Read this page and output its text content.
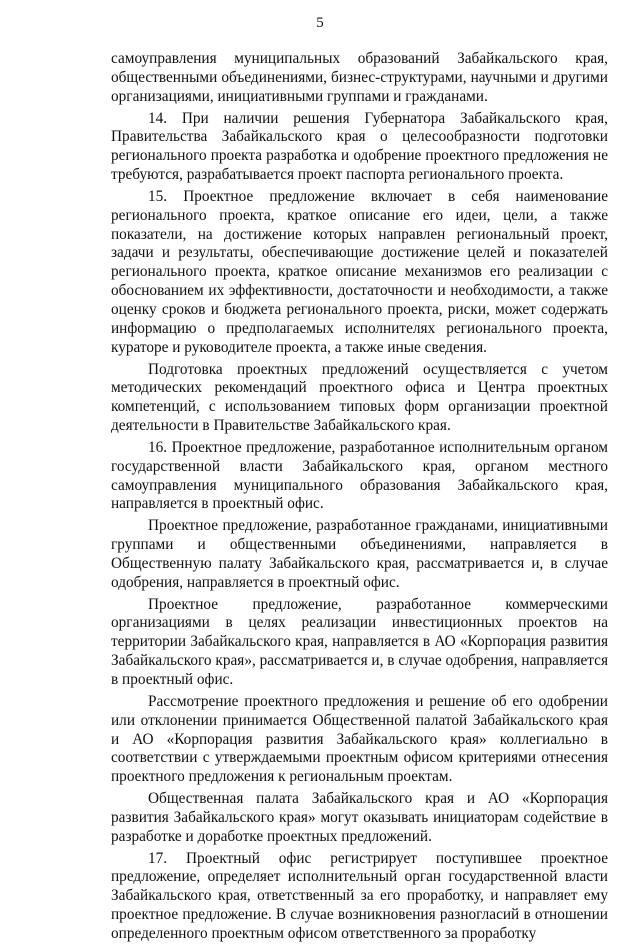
5

самоуправления муниципальных образований Забайкальского края, общественными объединениями, бизнес-структурами, научными и другими организациями, инициативными группами и гражданами.

14. При наличии решения Губернатора Забайкальского края, Правительства Забайкальского края о целесообразности подготовки регионального проекта разработка и одобрение проектного предложения не требуются, разрабатывается проект паспорта регионального проекта.

15. Проектное предложение включает в себя наименование регионального проекта, краткое описание его идеи, цели, а также показатели, на достижение которых направлен региональный проект, задачи и результаты, обеспечивающие достижение целей и показателей регионального проекта, краткое описание механизмов его реализации с обоснованием их эффективности, достаточности и необходимости, а также оценку сроков и бюджета регионального проекта, риски, может содержать информацию о предполагаемых исполнителях регионального проекта, кураторе и руководителе проекта, а также иные сведения.

Подготовка проектных предложений осуществляется с учетом методических рекомендаций проектного офиса и Центра проектных компетенций, с использованием типовых форм организации проектной деятельности в Правительстве Забайкальского края.

16. Проектное предложение, разработанное исполнительным органом государственной власти Забайкальского края, органом местного самоуправления муниципального образования Забайкальского края, направляется в проектный офис.

Проектное предложение, разработанное гражданами, инициативными группами и общественными объединениями, направляется в Общественную палату Забайкальского края, рассматривается и, в случае одобрения, направляется в проектный офис.

Проектное предложение, разработанное коммерческими организациями в целях реализации инвестиционных проектов на территории Забайкальского края, направляется в АО «Корпорация развития Забайкальского края», рассматривается и, в случае одобрения, направляется в проектный офис.

Рассмотрение проектного предложения и решение об его одобрении или отклонении принимается Общественной палатой Забайкальского края и АО «Корпорация развития Забайкальского края» коллегиально в соответствии с утверждаемыми проектным офисом критериями отнесения проектного предложения к региональным проектам.

Общественная палата Забайкальского края и АО «Корпорация развития Забайкальского края» могут оказывать инициаторам содействие в разработке и доработке проектных предложений.

17. Проектный офис регистрирует поступившее проектное предложение, определяет исполнительный орган государственной власти Забайкальского края, ответственный за его проработку, и направляет ему проектное предложение. В случае возникновения разногласий в отношении определенного проектным офисом ответственного за проработку
